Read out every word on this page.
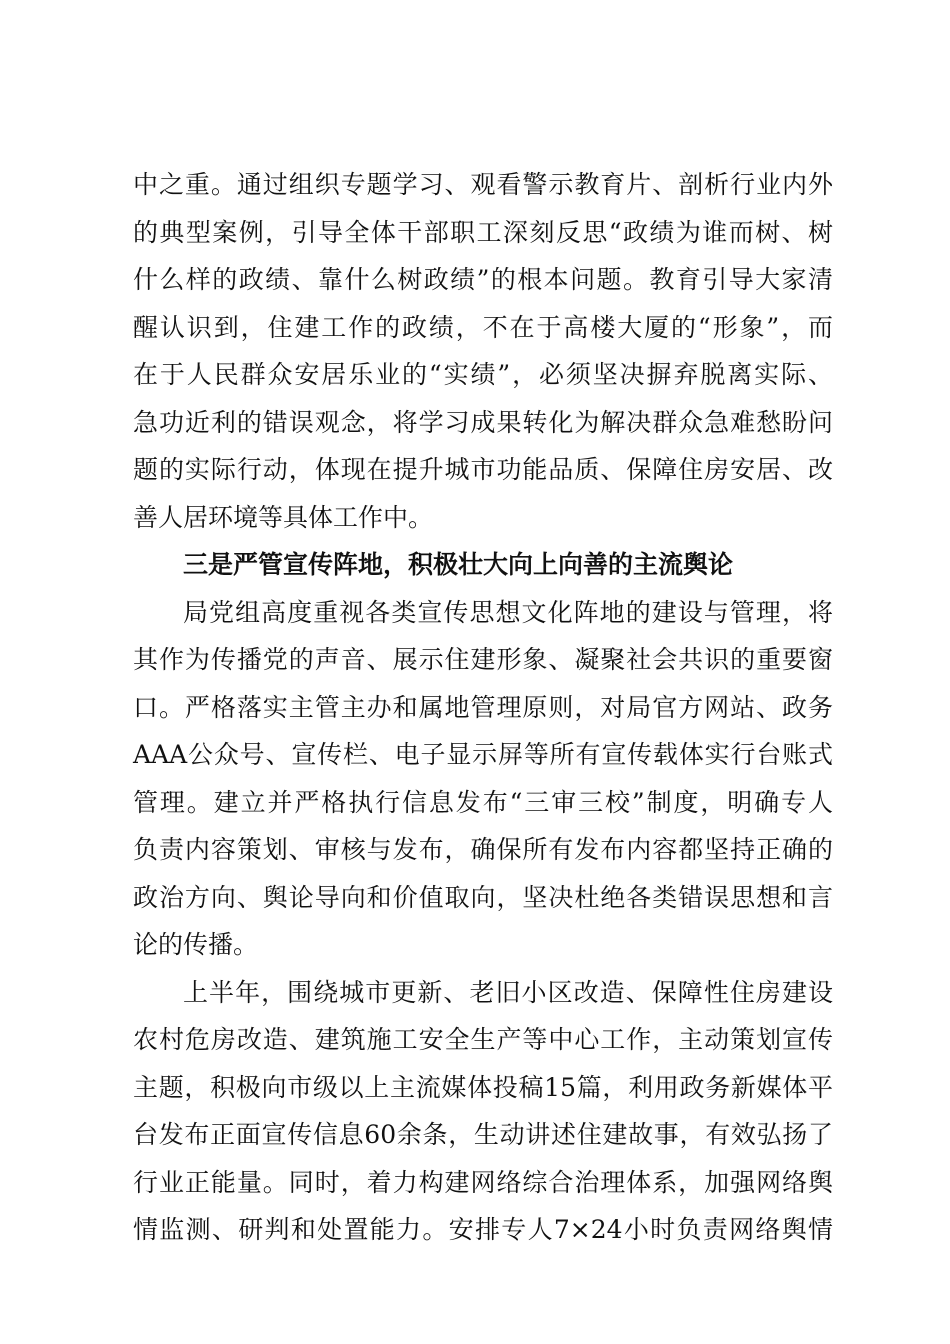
中之重。通过组织专题学习、观看警示教育片、剖析行业内外
的典型案例，引导全体干部职工深刻反思“政绩为谁而树、树
什么样的政绩、靠什么树政绩”的根本问题。教育引导大家清
醒认识到，住建工作的政绩，不在于高楼大厦的“形象”，而
在于人民群众安居乐业的“实绩”，必须坚决摒弃脱离实际、
急功近利的错误观念，将学习成果转化为解决群众急难愁盼问
题的实际行动，体现在提升城市功能品质、保障住房安居、改
善人居环境等具体工作中。
三是严管宣传阵地，积极壮大向上向善的主流舆论
局党组高度重视各类宣传思想文化阵地的建设与管理，将
其作为传播党的声音、展示住建形象、凝聚社会共识的重要窗
口。严格落实主管主办和属地管理原则，对局官方网站、政务
AAA公众号、宣传栏、电子显示屏等所有宣传载体实行台账式
管理。建立并严格执行信息发布“三审三校”制度，明确专人
负责内容策划、审核与发布，确保所有发布内容都坚持正确的
政治方向、舆论导向和价值取向，坚决杜绝各类错误思想和言
论的传播。
上半年，围绕城市更新、老旧小区改造、保障性住房建设
农村危房改造、建筑施工安全生产等中心工作，主动策划宣传
主题，积极向市级以上主流媒体投稿15篇，利用政务新媒体平
台发布正面宣传信息60余条，生动讲述住建故事，有效弘扬了
行业正能量。同时，着力构建网络综合治理体系，加强网络舆
情监测、研判和处置能力。安排专人7×24小时负责网络舆情
